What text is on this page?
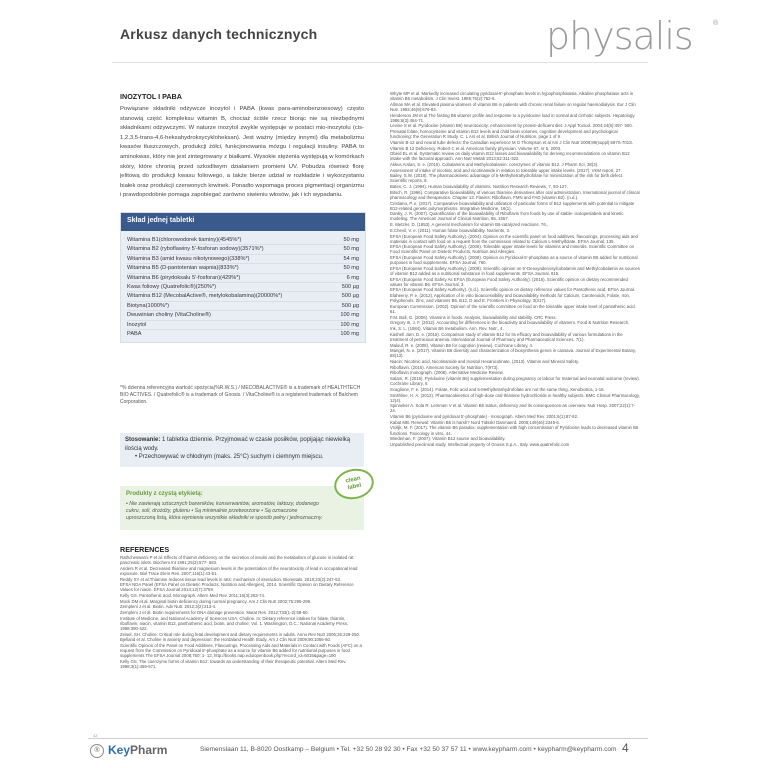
Arkusz danych technicznych	physalis	®
INOZYTOL I PABA
Powiązane składniki odżywcze inozytol i PABA (kwas para-aminobenzoesowy) często stanowią część kompleksu witamin B, chociaż ściśle rzecz biorąc nie są niezbędnymi składnikami odżywczymi. W naturze inozytol zwykle występuje w postaci mio-inozytolu (cis-1,2,3,5-trans-4,6-heksahydroksycykloheksan). Jest ważny (między innymi) dla metabolizmu kwasów tłuszczowych, produkcji żółci, funkcjonowania mózgu i regulacji insuliny. PABA to aminokwas, który nie jest zintegrowany z białkami. Wysokie stężenia występują w komórkach skóry, które chronią przed szkodliwym działaniem promieni UV. Pobudza również florę jelitową do produkcji kwasu foliowego, a także bierze udział w rozkładzie i wykorzystaniu białek oraz produkcji czerwonych krwinek. Ponadto wspomaga proces pigmentacji organizmu i prawdopodobnie pomaga zapobiegać zarówno siwieniu włosów, jak i ich wypadaniu.
Skład jednej tabletki
Witamina B1(chlorowodorek tiaminy)(4545%*)	50 mg
Witamina B2 (ryboflawiny 5'-fosforan sodowy)(3571%*)	50 mg
Witamina B3 (amid kwasu nikotynowego)(338%*)	54 mg
Witamina B5 (D-pantotenian wapnia)(833%*)	50 mg
Witamina B6 (pirydoksalu 5'-fosforan)(429%*)	6 mg
Kwas foliowy (Quatrefolic®)(250%*)	500 µg
Witamina B12 (MecobalActive®, metylokobalamina)(20000%*)	500 µg
Biotyna(1000%*)	500 µg
Dwuwinian choliny (VitaCholine®)	100 mg
Inozytol	100 mg
PABA	100 mg
*% dzienna referencyjna wartość spożycia(%R.W.S.) / MECOBALACTIVE® is a trademark of HEALTHTECH BIO ACTIVES. / Quatrefolic® is a trademark of Gnosis. / VitaCholine® is a registered trademark of Balchem Corporation.
Stosowanie: 1 tabletka dziennie. Przyjmować w czasie posiłków, popijając niewielką ilością wody.
• Przechowywać w chłodnym (maks. 25°C) suchym i ciemnym miejscu.
Produkty z czystą etykietą:
• Nie zawierają sztucznych barwników, konserwantów, aromatów, laktozy, dodanego cukru, soli, drożdży, glutenu • Są minimalnie przetworzone • Są oznaczone uproszczoną listą, która wymienia wszystkie składniki w sposób pełny i jednoznaczny.
clean
label
REFERENCES
Rathcheswarni P et al. Effects of thiamin deficiency on the secretion of insulin and the metabolism of glucose in isolated rat pancreatic islets. Biochem Int 1991;25(3):577- 583.
Anders R et al. Decreased thiamine and magnesium levels in the potentiation of the neurotoxicity of lead in occupational lead exposure. Biol Trace Elem Res. 2007;116(1):43-51.
Reddy SY et al.Thiamine reduces tissue lead levels in rats: mechanism of interaction. Biometals. 2010;23(2):247-53.
EFSA NDA Panel (EFSA Panel on Dietetic Products, Nutrition and Allergies), 2014. Scientific Opinion on Dietary Reference Values for niacin. EFSA Journal 2014;12(7):3759.
Kelly GS. Pantothenic acid. Monograph. Altern Med Rev. 2011;16(3):263-74.
Mock DM et al. Marginal biotin deficiency during normal pregnancy. Am J Clin Nutr 2002;75:295-299.
Zempleni J et al. Biotin. Adv Nutr. 2012;3(2):213-4.
Zempleni J et al. Biotin requirements for DNA damage prevention. Mutat Res. 2012;733(1-2):58-60.
Institute of Medicine, and National Academy of Sciences USA. Choline. In: Dietary reference intakes for folate, thiamin, riboflavin, niacin, vitamin B12, panthothenic acid, biotin, and choline, Vol. 1. Washington, D.C.: National Academy Press, 1998:390-422.
Zeisel, SH. Choline: Critical role during fetal development and dietary requirements in adults. Annu Rev Nutr 2006;26:229-250.
Bjelland et al. Choline in anxiety and depression: the Hordaland Health Study. Am J Clin Nutr 2009;90:1056-60.
Scientific Opinion of the Panel on Food Additives, Flavourings, Processing Aids and Materials in Contact with Foods (AFC) on a request from the Commission on Pyridoxal 5'-phosphate as a source for vitamin B6 added for nutritional purposes in food supplements The EFSA Journal 2008;760: 1- 13, http://books.nap.edu/openbook.php?record_id=6015&page=190
Kelly GS. The coenzyme forms of vitamin B12: towards an understanding of their therapeutic potential. Altern Med Rev. 1998;3(1):459-571.
Whyte MP et al. Markedly increased circulating pyridoxal-5'-phosphate levels in hypophosphatasia. Alkaline phosphatase acts in vitamin B6 metabolism. J Clin Invest. 1985;76(2):752-6.
Allman MA et al. Elevated plasma vitamers of vitamin B6 in patients with chronic renal failure on regular haemodialysis. Eur J Clin Nutr. 1992;46(9):679-83.
Henderson JM et al The fasting B6 vitamer profile and response to a pyridoxine load in normal and cirrhotic subjects. Hepatology. 1986;6(3):464-71.
Levine S et al. Pyridoxine (vitamin B6) neurotoxicity: enhancement by protein-deficient diet. J Appl Toxicol. 2004;24(6):497- 500.
Prenatal folate, homocysteine and vitamin B12 levels and child brain volumes, cognitive development and psychological functioning: the Generation R Study. C. L Ars et al. British Journal of Nutrition, page 1 of 9.
Vitamin B-12 and neural tube defects: the Canadian experience M G Thompson et al Am J Clin Nutr 2009;89(suppl):697S-701S.
Vitamin B 12 Deficiency. Robert C et al. American family physician. Volume 67, nr 5, 2003.
Obeid EL et al. Systematic review on daily vitamin B12 losses and bioavailability for deriving recommendations on vitamin B12 intake with the factorial approach. Ann Nutr Metab 2013;62:311-322.
Akkus Arslan, S. e. (2015). Cobalamins and Methylcobalamin: coenzymes of vitamin B12. J Pharm Sci, 38(3).
Assessment of intake of nicotinic acid and nicotinamide in relation to tolerable upper intake levels. (2017). VKM report, 27.
Bailey, S.W. (2018). The pharmacokinetic advantage of 5-Methyltetrahydrofolate for minimization of the risk for birth defect. Scientific reports, 8.
Bates, C. J. (1994). Human bioavailability of vitamins. Nutrition Research Reviews, 7, 93-127.
Bitsch, R. (1996). Comparative bioavailability of various thiamine derivatives after oral administration. International journal of clinical pharmacology and therapeutics. Chapter 13. Flavins: Riboflavin, FMN and FAD (vitamin B2). (n.d.).
Cristiano, P. e. (2017). Comparative bioavailability and utilization of particular forms of B12 supplements with potential to mitigate B12-related genetic polymorphisms. Integrative Medicine, 16(1).
Danby, J. R. (2007). Quantification of the bioavailability of Riboflavin from foods by use of stable- isotopeslabels and kinetic modeling. The American Journal of Clinical Nutrition, 85, 1557.
E. Metzler, D. (1953). A general mechanism for vitamin B6-catalyzed reactions. 76.,
E.Chevil, V. e. (2011). Human folate bioavailability. Nutrients, 3.
EFSA (European Food Safety Authority). (2004). Opinion on the scientific panel on food additives, flavourings, processing aids and materials in contact with food on a request from the commission related to Calcium L-Methylfolate. EFSA Journal, 135.
EFSA (European Food Safety Authority). (2006). Tolerable upper intake levels for vitamins and minerals. Scientific Committee on Food Scientific Panel on Dietetic Products, Nutrition and Allergies.
EFSA (European Food Safety Authority). (2008). Opinion on Pyridoxal-5'-phosphate as a source of vitamin B6 added for nutritional purposes in food supplements. EFSA Journal, 760.
EFSA (European Food Safety Authority). (2008). Scientific opinion on 5'-Deoxyadenosylcobalamin and Methylcobalamin as sources of vitamin B12 added as a nutritional substance in food supplements. EFSA Journal, 815.
EFSA (European Food Safety As EFSA (European Food Safety Authority). (2016). Scientific opinion on dietary recommended values for vitamin B6. EFSA Journal, 3.
EFSA (European Food Safety Authority). (n.d.). Scientific opinion on dietary reference values for Pantothenic acid. EFSA Journal.
Elaheeny, P. e. (2012). Application of in vitro bioaccessibility and bioavailability methods for Calcium, Carotenoids, Folate, Iron, Polyphenols, Zinc, and vitamins B6, B12, D and E. Frontiers in Physiology, 3(317).
European Commission. (2002). Opinion of the scientific committee on food on the tolerable upper intake level of pantothenic acid. 61.
F.M. Ball, G. (2006). Vitamins in foods. Analysis, bioavailability and stability. CRC Press.
Gregory III, J. F. (2012). Accounting for differences in the bioactivity and bioavailability of vitamers. Food & Nutrition Research.
Ink, S. L. (1984). Vitamin B6 metabolism. Ann. Rev. Nutr., 4.
Kashefi Jam, D. e. (2015). Comparison study of vitamin B12 for its efficacy and bioavailability of various formulations in the treatment of pernicious anemia. International Journal of Pharmacy and Pharmaceutical Sciences, 7(1).
Malouf, R. e. (2008). Vitamin B6 for cognition (review). Cochrane Library, 4.
Mangel, N. e. (2017). Vitamin B6 diversity and characterization of biosynthesis genes in cassava. Journal of Experimental Botany, 68(13).
Niacin: Nicotinic acid, Nicotinamide and Inositol Hexanicotinate. (2013). Vitamin and Mineral Safety.
Riboflavin. (2016). American Society for Nutrition, 7(973).
Riboflavin monograph. (2008). Alternative Medicine Review.
Salam, R. (2015). Pyridoxine (vitamin B6) supplementation during pregnancy or labour for maternal and neonatal outcome (review). Cochrane Library, 6.
Scaglione, F. e. (2014). Folate, Folic acid and 5-Methyltetrahydrofolate are not the same thing. Xenobiotica, 1-15.
Smithline, H. A. (2012). Pharmacokinetics of high-dose oral thiamine hydrochloride in healthy subjects. BMC Clinical Pharmacology, 12(4).
Spinneker A. Sola R. Lemmen V et al. Vitamin B6 status, deficiency and its consequences-an overview. Nutr Hosp. 2007;22(1):7-24.
Vitamin B6 (pyridoxine and pyridoxal 5'-phosphate) - monograph. Altern Med Rev. 2001;6(1):87-92.
Kabat MB. Renewal: Vitamin B6 is harsh? Nord Tidsskr Danmaerd. 2008;149(46):2345-6.
Vrolijk, M. F. (2017). The vitamin B6 paradox: supplementation with high concentration of Pyridoxine leads to decreased vitamin B6 functions. Toxicology in vitro, 44.
Wiedeman, F. (2007). Vitamin B12 source and bioavailability.
Unpublished preclinical study. Intellectual property of Gnosis S.p.A., Italy. www.quatrefolic.com
4Z
® KeyPharm	Siemenslaan 11, B-8020 Oostkamp – Belgium • Tel. +32 50 28 92 30 • Fax +32 50 37 57 11 • www.keypharm.com • keypharm@keypharm.com 4
